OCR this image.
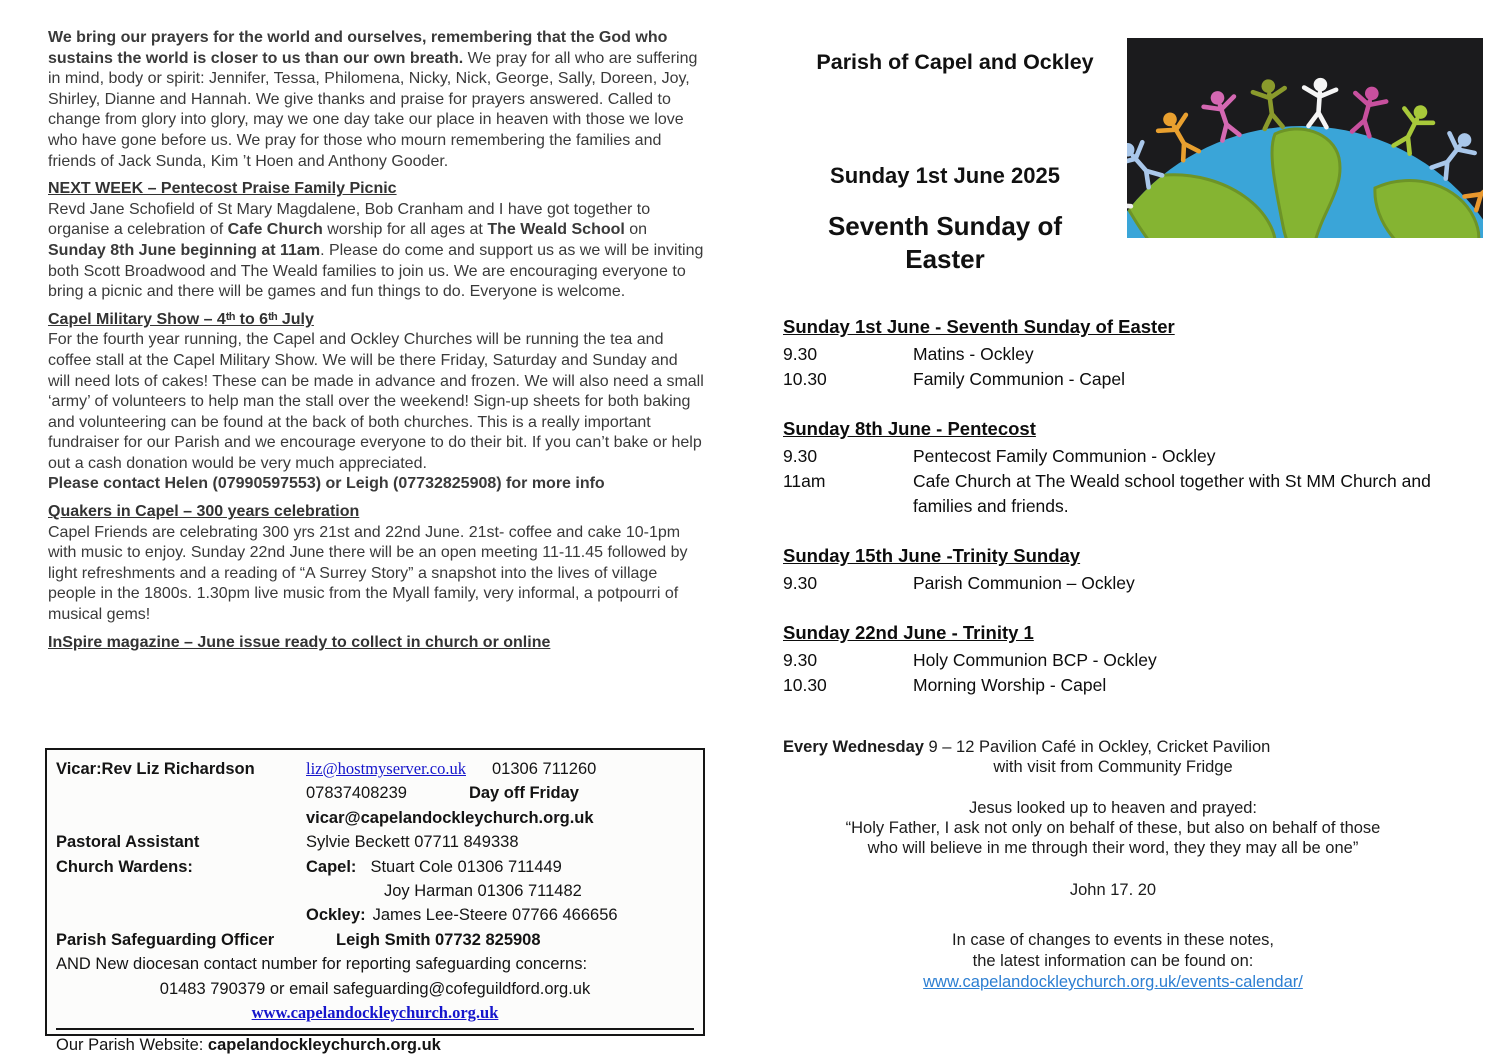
We bring our prayers for the world and ourselves, remembering that the God who sustains the world is closer to us than our own breath. We pray for all who are suffering in mind, body or spirit: Jennifer, Tessa, Philomena, Nicky, Nick, George, Sally, Doreen, Joy, Shirley, Dianne and Hannah. We give thanks and praise for prayers answered. Called to change from glory into glory, may we one day take our place in heaven with those we love who have gone before us. We pray for those who mourn remembering the families and friends of Jack Sunda, Kim ’t Hoen and Anthony Gooder.

NEXT WEEK – Pentecost Praise Family Picnic

Revd Jane Schofield of St Mary Magdalene, Bob Cranham and I have got together to organise a celebration of Cafe Church worship for all ages at The Weald School on Sunday 8th June beginning at 11am. Please do come and support us as we will be inviting both Scott Broadwood and The Weald families to join us. We are encouraging everyone to bring a picnic and there will be games and fun things to do. Everyone is welcome.

Capel Military Show – 4ᵗʰ to 6ᵗʰ July

For the fourth year running, the Capel and Ockley Churches will be running the tea and coffee stall at the Capel Military Show. We will be there Friday, Saturday and Sunday and will need lots of cakes! These can be made in advance and frozen. We will also need a small ‘army’ of volunteers to help man the stall over the weekend! Sign-up sheets for both baking and volunteering can be found at the back of both churches. This is a really important fundraiser for our Parish and we encourage everyone to do their bit. If you can’t bake or help out a cash donation would be very much appreciated.

Please contact Helen (07990597553) or Leigh (07732825908) for more info

Quakers in Capel – 300 years celebration

Capel Friends are celebrating 300 yrs 21st and 22nd June. 21st- coffee and cake 10-1pm with music to enjoy. Sunday 22nd June there will be an open meeting 11-11.45 followed by light refreshments and a reading of “A Surrey Story” a snapshot into the lives of village people in the 1800s. 1.30pm live music from the Myall family, very informal, a potpourri of musical gems!

InSpire magazine – June issue ready to collect in church or online

Vicar:Rev Liz Richardson	liz@hostmyserver.co.uk 01306 711260
07837408239	Day off Friday
vicar@capelandockleychurch.org.uk
Pastoral Assistant	Sylvie Beckett 07711 849338
Church Wardens:	Capel: Stuart Cole 01306 711449
Joy Harman 01306 711482
Ockley: James Lee-Steere 07766 466656
Parish Safeguarding Officer	Leigh Smith 07732 825908
AND New diocesan contact number for reporting safeguarding concerns:
01483 790379 or email safeguarding@cofeguildford.org.uk
www.capelandockleychurch.org.uk
Our Parish Website: capelandockleychurch.org.uk
Parish of Capel and Ockley
Sunday 1st June 2025
Seventh Sunday of Easter
Sunday 1st June - Seventh Sunday of Easter
9.30	Matins - Ockley
10.30	Family Communion - Capel
Sunday 8th June - Pentecost
9.30	Pentecost Family Communion - Ockley
11am	Cafe Church at The Weald school together with St MM Church and families and friends.
Sunday 15th June -Trinity Sunday
9.30	Parish Communion – Ockley
Sunday 22nd June - Trinity 1
9.30	Holy Communion BCP - Ockley
10.30	Morning Worship - Capel
Every Wednesday 9 – 12 Pavilion Café in Ockley, Cricket Pavilion
with visit from Community Fridge
Jesus looked up to heaven and prayed:
“Holy Father, I ask not only on behalf of these, but also on behalf of those
who will believe in me through their word, they they may all be one”
John 17. 20
In case of changes to events in these notes,
the latest information can be found on:
www.capelandockleychurch.org.uk/events-calendar/
